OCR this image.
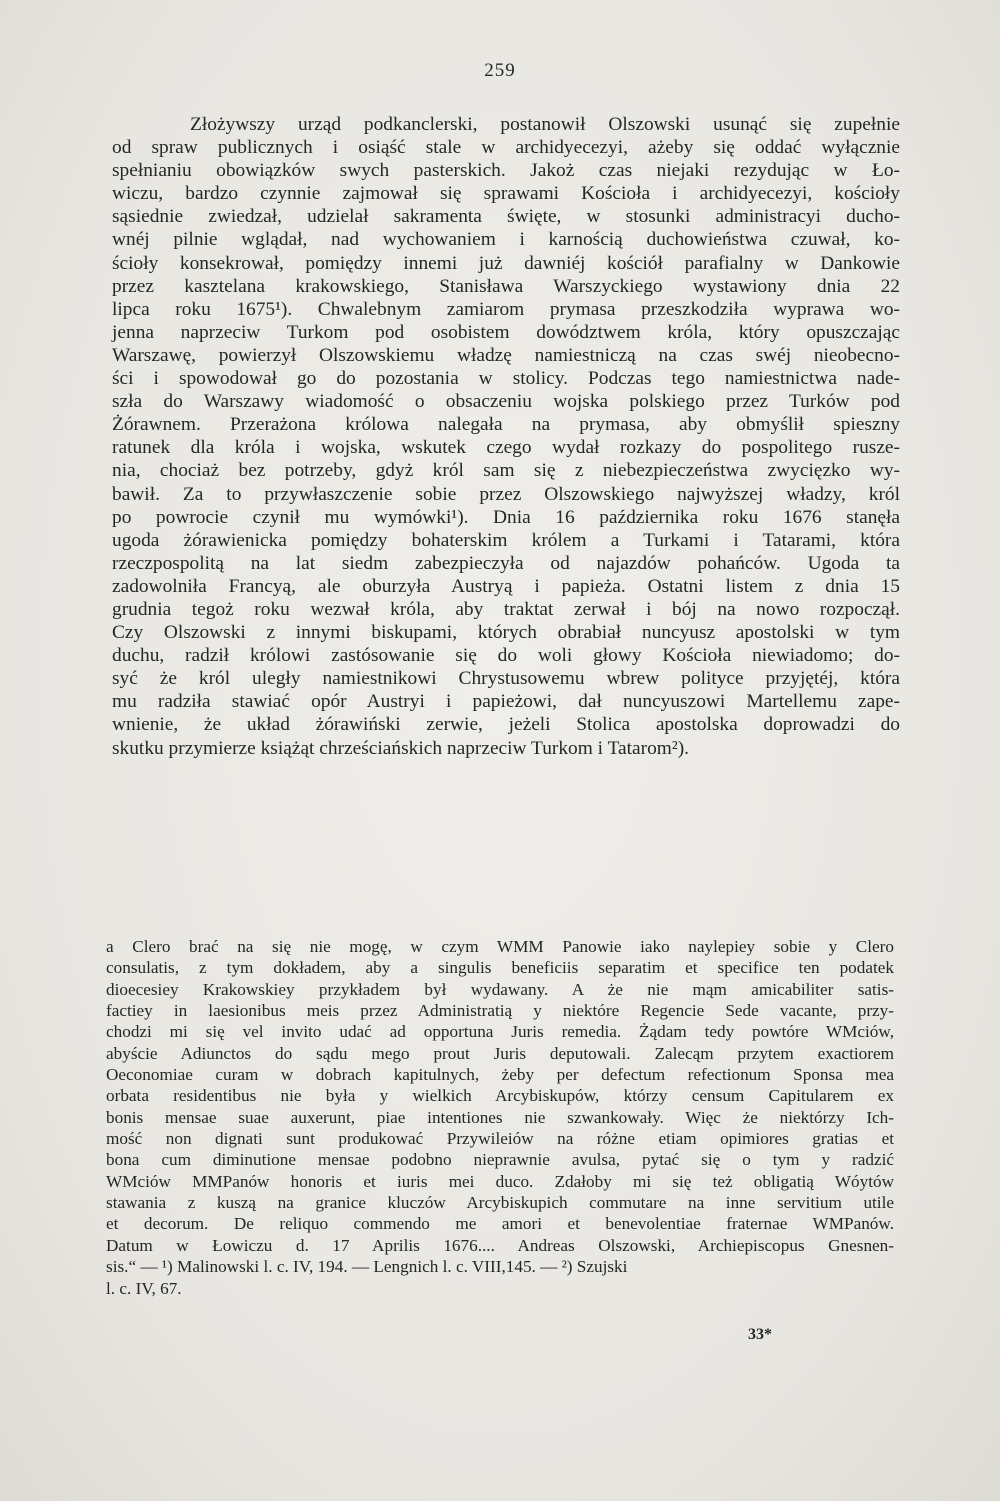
259
Złożywszy urząd podkanclerski, postanowił Olszowski usunąć się zupełnie
od spraw publicznych i osiąść stale w archidyecezyi, ażeby się oddać wyłącznie
spełnianiu obowiązków swych pasterskich. Jakoż czas niejaki rezydując w Ło-
wiczu, bardzo czynnie zajmował się sprawami Kościoła i archidyecezyi, kościoły
sąsiednie zwiedzał, udzielał sakramenta święte, w stosunki administracyi ducho-
wnéj pilnie wglądał, nad wychowaniem i karnością duchowieństwa czuwał, ko-
ścioły konsekrował, pomiędzy innemi już dawniéj kościół parafialny w Dankowie
przez kasztelana krakowskiego, Stanisława Warszyckiego wystawiony dnia 22
lipca roku 1675¹). Chwalebnym zamiarom prymasa przeszkodziła wyprawa wo-
jenna naprzeciw Turkom pod osobistem dowództwem króla, który opuszczając
Warszawę, powierzył Olszowskiemu władzę namiestniczą na czas swéj nieobecno-
ści i spowodował go do pozostania w stolicy. Podczas tego namiestnictwa nade-
szła do Warszawy wiadomość o obsaczeniu wojska polskiego przez Turków pod
Żórawnem. Przerażona królowa nalegała na prymasa, aby obmyślił spieszny
ratunek dla króla i wojska, wskutek czego wydał rozkazy do pospolitego rusze-
nia, chociaż bez potrzeby, gdyż król sam się z niebezpieczeństwa zwycięzko wy-
bawił. Za to przywłaszczenie sobie przez Olszowskiego najwyższej władzy, król
po powrocie czynił mu wymówki¹). Dnia 16 października roku 1676 stanęła
ugoda żórawienicka pomiędzy bohaterskim królem a Turkami i Tatarami, która
rzeczpospolitą na lat siedm zabezpieczyła od najazdów pohańców. Ugoda ta
zadowolniła Francyą, ale oburzyła Austryą i papieża. Ostatni listem z dnia 15
grudnia tegoż roku wezwał króla, aby traktat zerwał i bój na nowo rozpoczął.
Czy Olszowski z innymi biskupami, których obrabiał nuncyusz apostolski w tym
duchu, radził królowi zastósowanie się do woli głowy Kościoła niewiadomo; do-
syć że król uległy namiestnikowi Chrystusowemu wbrew polityce przyjętéj, która
mu radziła stawiać opór Austryi i papieżowi, dał nuncyuszowi Martellemu zape-
wnienie, że układ żórawiński zerwie, jeżeli Stolica apostolska doprowadzi do
skutku przymierze książąt chrześciańskich naprzeciw Turkom i Tatarom²).
a Clero brać na się nie mogę, w czym WMM Panowie iako naylepiey sobie y Clero
consulatis, z tym dokładem, aby a singulis beneficiis separatim et specifice ten podatek
dioecesiey Krakowskiey przykładem był wydawany. A że nie mąm amicabiliter satis-
factiey in laesionibus meis przez Administratią y niektóre Regencie Sede vacante, przy-
chodzi mi się vel invito udać ad opportuna Juris remedia. Żądam tedy powtóre WMciów,
abyście Adiunctos do sądu mego prout Juris deputowali. Zalecąm przytem exactiorem
Oeconomiae curam w dobrach kapitulnych, żeby per defectum refectionum Sponsa mea
orbata residentibus nie była y wielkich Arcybiskupów, którzy censum Capitularem ex
bonis mensae suae auxerunt, piae intentiones nie szwankowały. Więc że niektórzy Ich-
mość non dignati sunt produkować Przywileiów na różne etiam opimiores gratias et
bona cum diminutione mensae podobno nieprawnie avulsa, pytać się o tym y radzić
WMciów MMPanów honoris et iuris mei duco. Zdałoby mi się też obligatią Wóytów
stawania z kuszą na granice kluczów Arcybiskupich commutare na inne servitium utile
et decorum. De reliquo commendo me amori et benevolentiae fraternae WMPanów.
Datum w Łowiczu d. 17 Aprilis 1676.... Andreas Olszowski, Archiepiscopus Gnesnen-
sis.“ — ¹) Malinowski l. c. IV, 194. — Lengnich l. c. VIII,145. — ²) Szujski
l. c. IV, 67.
33*
